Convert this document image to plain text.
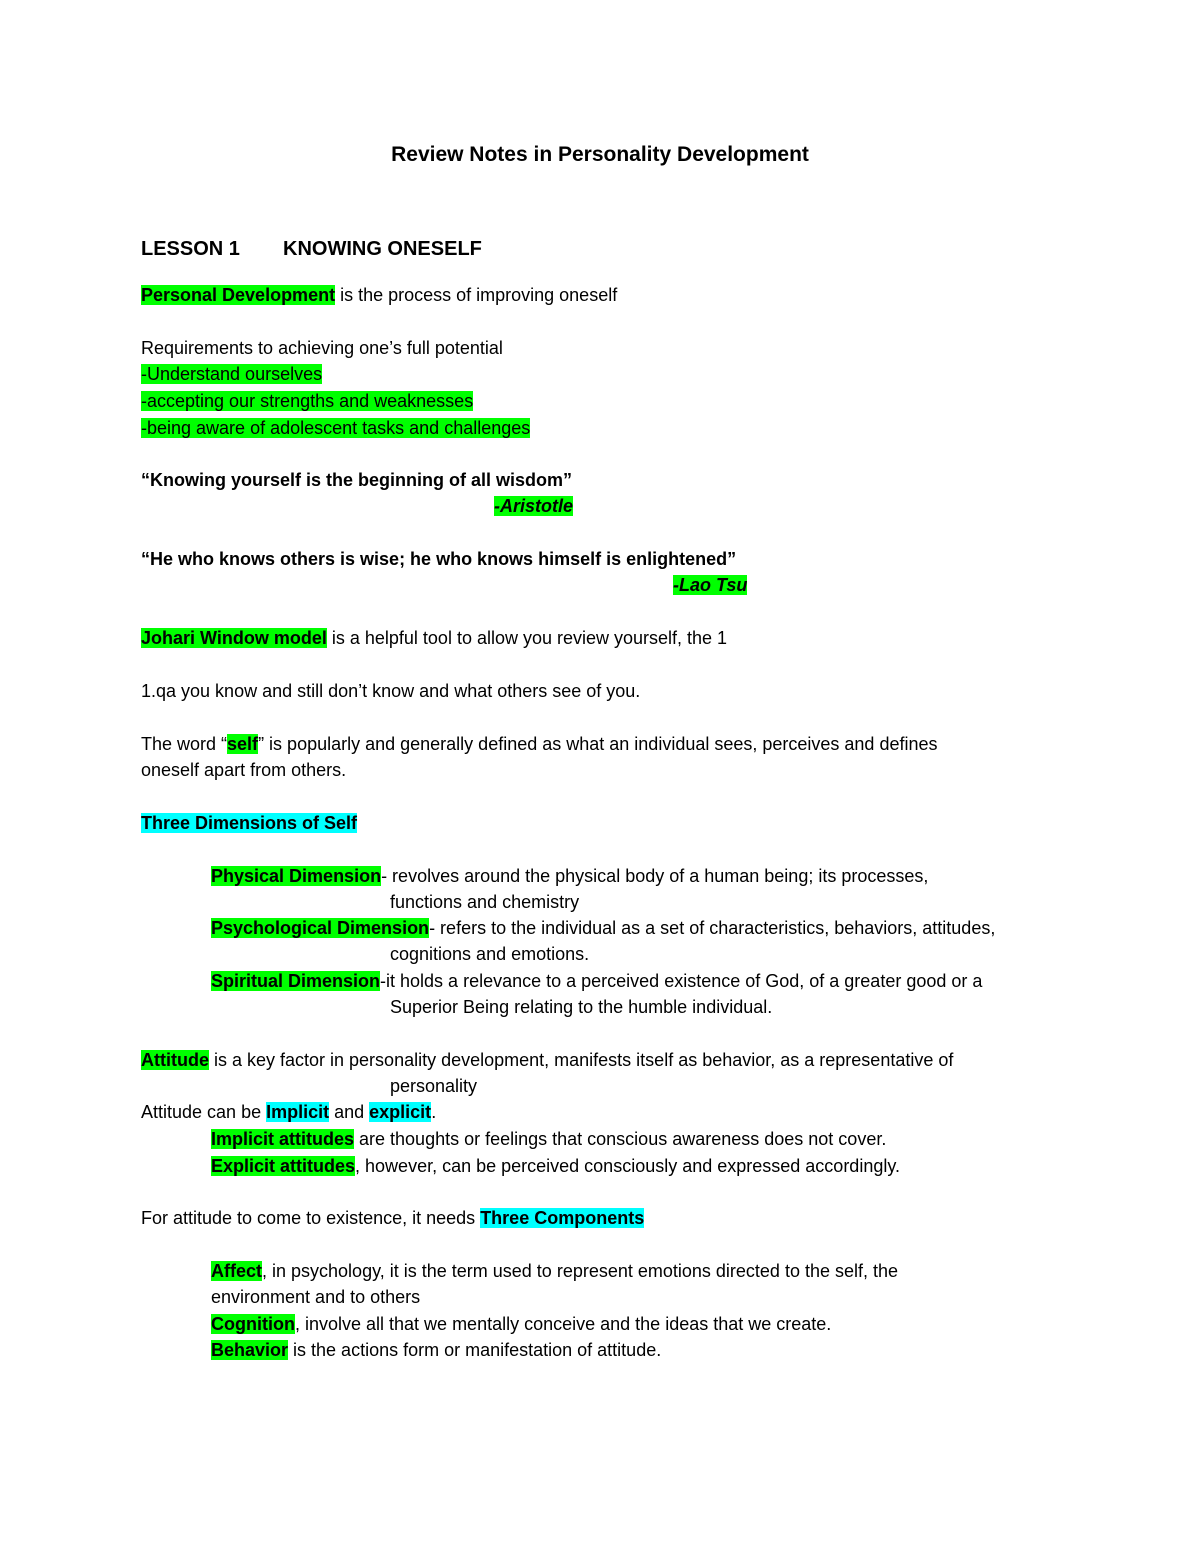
Review Notes in Personality Development
LESSON 1 KNOWING ONESELF
Personal Development is the process of improving oneself
Requirements to achieving one’s full potential
-Understand ourselves
-accepting our strengths and weaknesses
-being aware of adolescent tasks and challenges
“Knowing yourself is the beginning of all wisdom”
-Aristotle
“He who knows others is wise; he who knows himself is enlightened”
-Lao Tsu
Johari Window model is a helpful tool to allow you review yourself, the 1
1.qa you know and still don’t know and what others see of you.
The word “self” is popularly and generally defined as what an individual sees, perceives and defines
oneself apart from others.
Three Dimensions of Self
Physical Dimension- revolves around the physical body of a human being; its processes,
functions and chemistry
Psychological Dimension- refers to the individual as a set of characteristics, behaviors, attitudes,
cognitions and emotions.
Spiritual Dimension-it holds a relevance to a perceived existence of God, of a greater good or a
Superior Being relating to the humble individual.
Attitude is a key factor in personality development, manifests itself as behavior, as a representative of
personality
Attitude can be Implicit and explicit.
Implicit attitudes are thoughts or feelings that conscious awareness does not cover.
Explicit attitudes, however, can be perceived consciously and expressed accordingly.
For attitude to come to existence, it needs Three Components
Affect, in psychology, it is the term used to represent emotions directed to the self, the
environment and to others
Cognition, involve all that we mentally conceive and the ideas that we create.
Behavior is the actions form or manifestation of attitude.
